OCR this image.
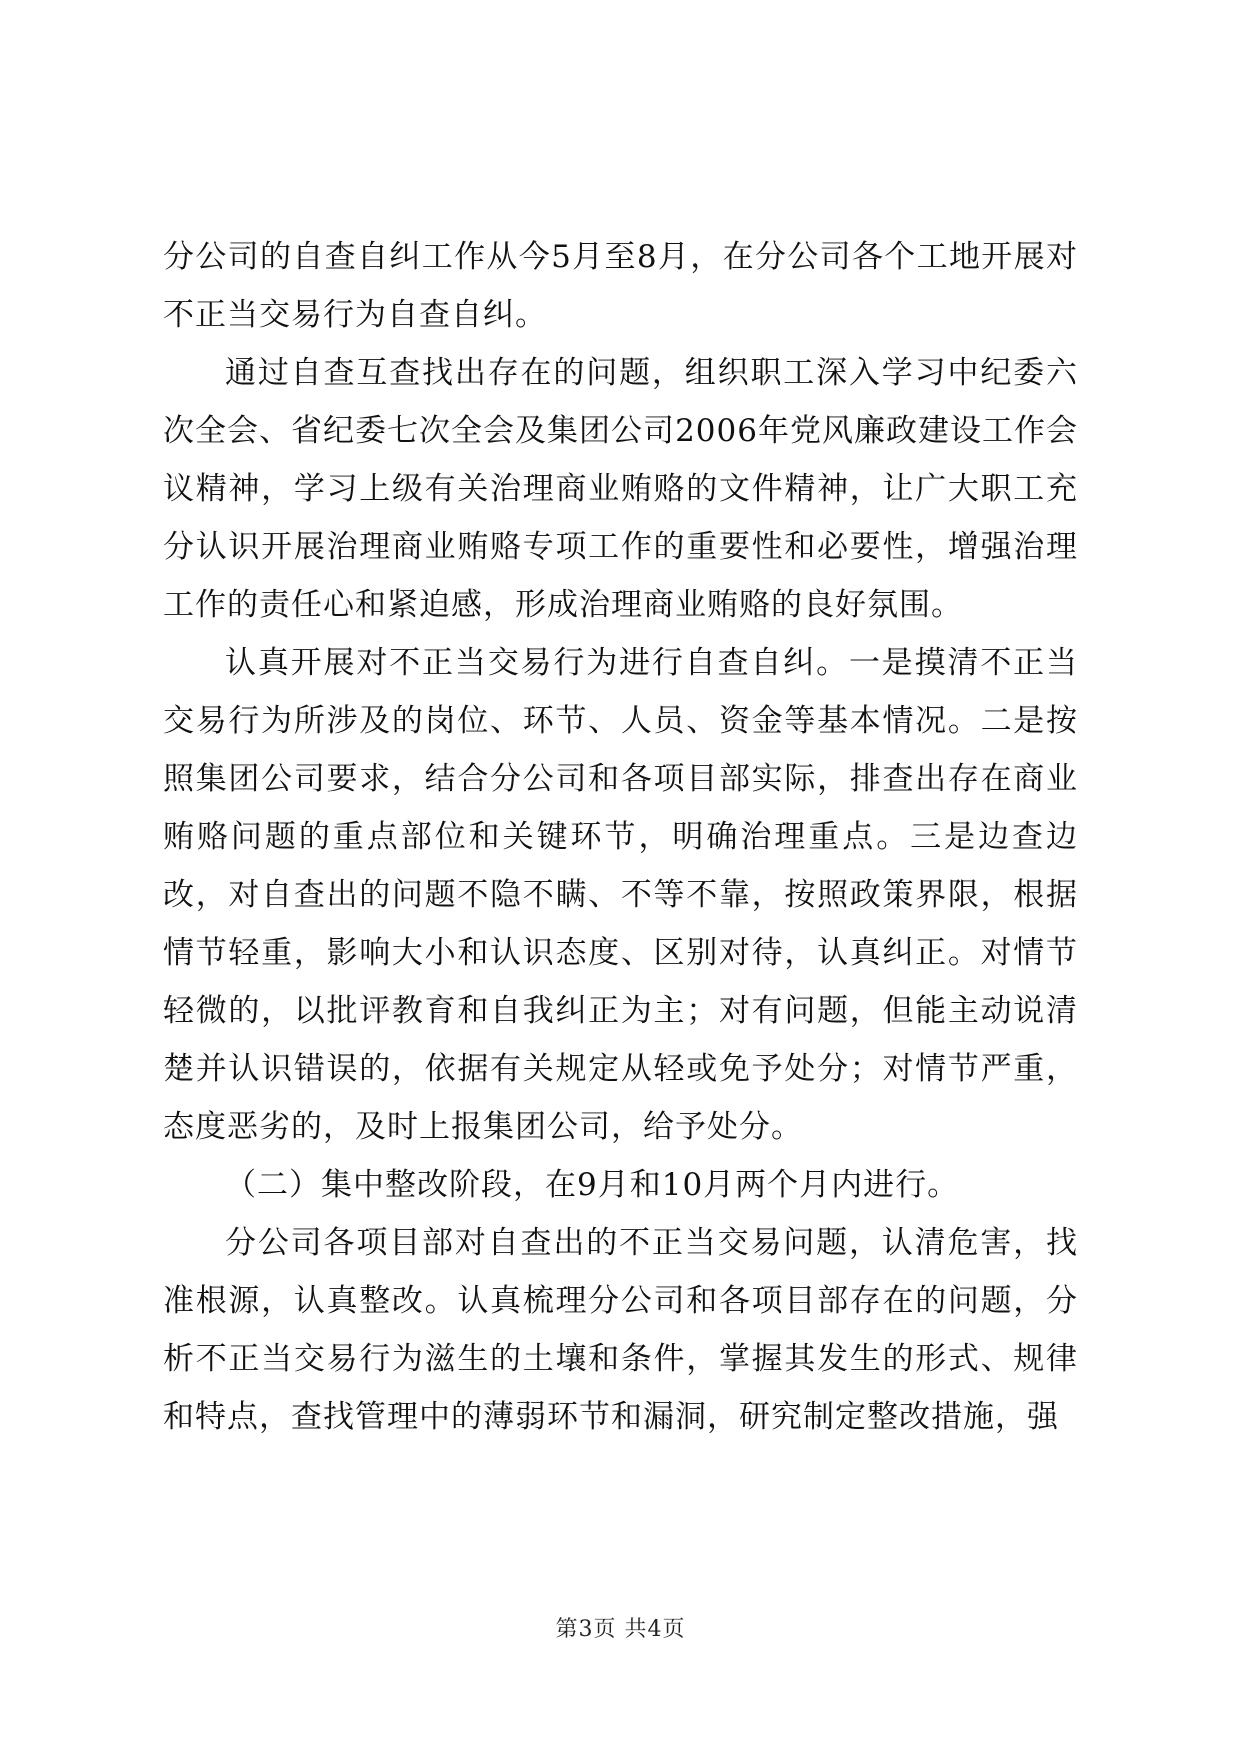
分公司的自查自纠工作从今5月至8月，在分公司各个工地开展对不正当交易行为自查自纠。

通过自查互查找出存在的问题，组织职工深入学习中纪委六次全会、省纪委七次全会及集团公司2006年党风廉政建设工作会议精神，学习上级有关治理商业贿赂的文件精神，让广大职工充分认识开展治理商业贿赂专项工作的重要性和必要性，增强治理工作的责任心和紧迫感，形成治理商业贿赂的良好氛围。

认真开展对不正当交易行为进行自查自纠。一是摸清不正当交易行为所涉及的岗位、环节、人员、资金等基本情况。二是按照集团公司要求，结合分公司和各项目部实际，排查出存在商业贿赂问题的重点部位和关键环节，明确治理重点。三是边查边改，对自查出的问题不隐不瞒、不等不靠，按照政策界限，根据情节轻重，影响大小和认识态度、区别对待，认真纠正。对情节轻微的，以批评教育和自我纠正为主；对有问题，但能主动说清楚并认识错误的，依据有关规定从轻或免予处分；对情节严重，态度恶劣的，及时上报集团公司，给予处分。

（二）集中整改阶段，在9月和10月两个月内进行。

分公司各项目部对自查出的不正当交易问题，认清危害，找准根源，认真整改。认真梳理分公司和各项目部存在的问题，分析不正当交易行为滋生的土壤和条件，掌握其发生的形式、规律和特点，查找管理中的薄弱环节和漏洞，研究制定整改措施，强

第3页 共4页
